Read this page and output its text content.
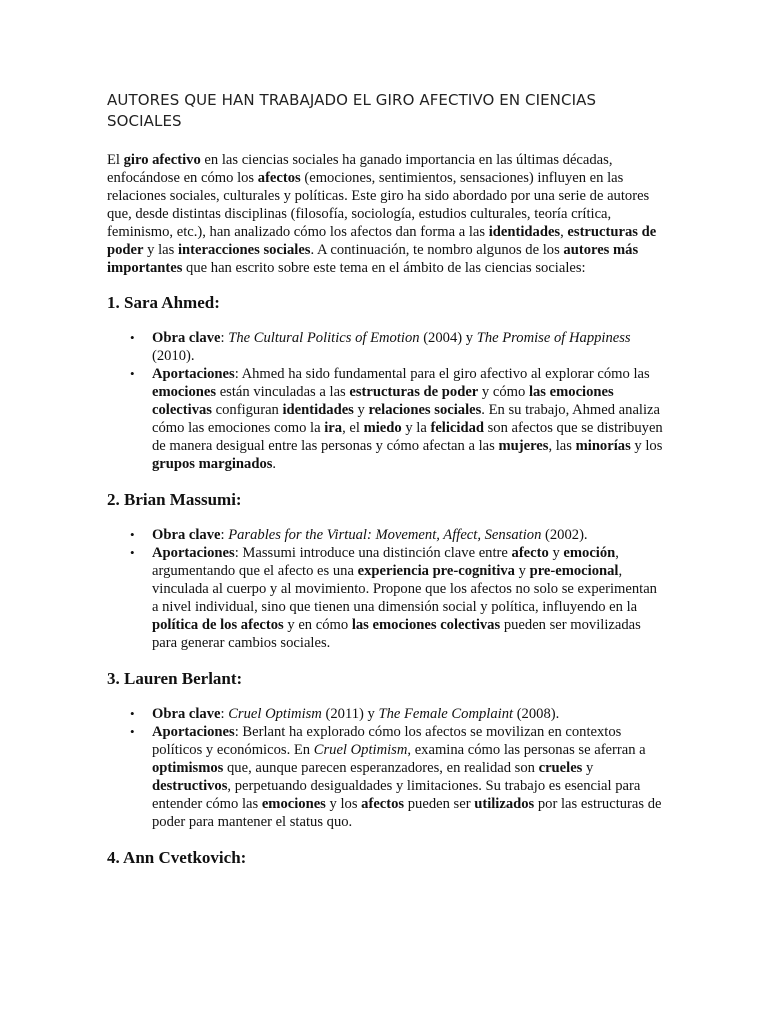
AUTORES QUE HAN TRABAJADO EL GIRO AFECTIVO EN CIENCIAS SOCIALES

El giro afectivo en las ciencias sociales ha ganado importancia en las últimas décadas, enfocándose en cómo los afectos (emociones, sentimientos, sensaciones) influyen en las relaciones sociales, culturales y políticas. Este giro ha sido abordado por una serie de autores que, desde distintas disciplinas (filosofía, sociología, estudios culturales, teoría crítica, feminismo, etc.), han analizado cómo los afectos dan forma a las identidades, estructuras de poder y las interacciones sociales. A continuación, te nombro algunos de los autores más importantes que han escrito sobre este tema en el ámbito de las ciencias sociales:

1. Sara Ahmed:
• Obra clave: The Cultural Politics of Emotion (2004) y The Promise of Happiness (2010).
• Aportaciones: Ahmed ha sido fundamental para el giro afectivo al explorar cómo las emociones están vinculadas a las estructuras de poder y cómo las emociones colectivas configuran identidades y relaciones sociales. En su trabajo, Ahmed analiza cómo las emociones como la ira, el miedo y la felicidad son afectos que se distribuyen de manera desigual entre las personas y cómo afectan a las mujeres, las minorías y los grupos marginados.
2. Brian Massumi:
• Obra clave: Parables for the Virtual: Movement, Affect, Sensation (2002).
• Aportaciones: Massumi introduce una distinción clave entre afecto y emoción, argumentando que el afecto es una experiencia pre-cognitiva y pre-emocional, vinculada al cuerpo y al movimiento. Propone que los afectos no solo se experimentan a nivel individual, sino que tienen una dimensión social y política, influyendo en la política de los afectos y en cómo las emociones colectivas pueden ser movilizadas para generar cambios sociales.
3. Lauren Berlant:
• Obra clave: Cruel Optimism (2011) y The Female Complaint (2008).
• Aportaciones: Berlant ha explorado cómo los afectos se movilizan en contextos políticos y económicos. En Cruel Optimism, examina cómo las personas se aferran a optimismos que, aunque parecen esperanzadores, en realidad son crueles y destructivos, perpetuando desigualdades y limitaciones. Su trabajo es esencial para entender cómo las emociones y los afectos pueden ser utilizados por las estructuras de poder para mantener el status quo.
4. Ann Cvetkovich:
